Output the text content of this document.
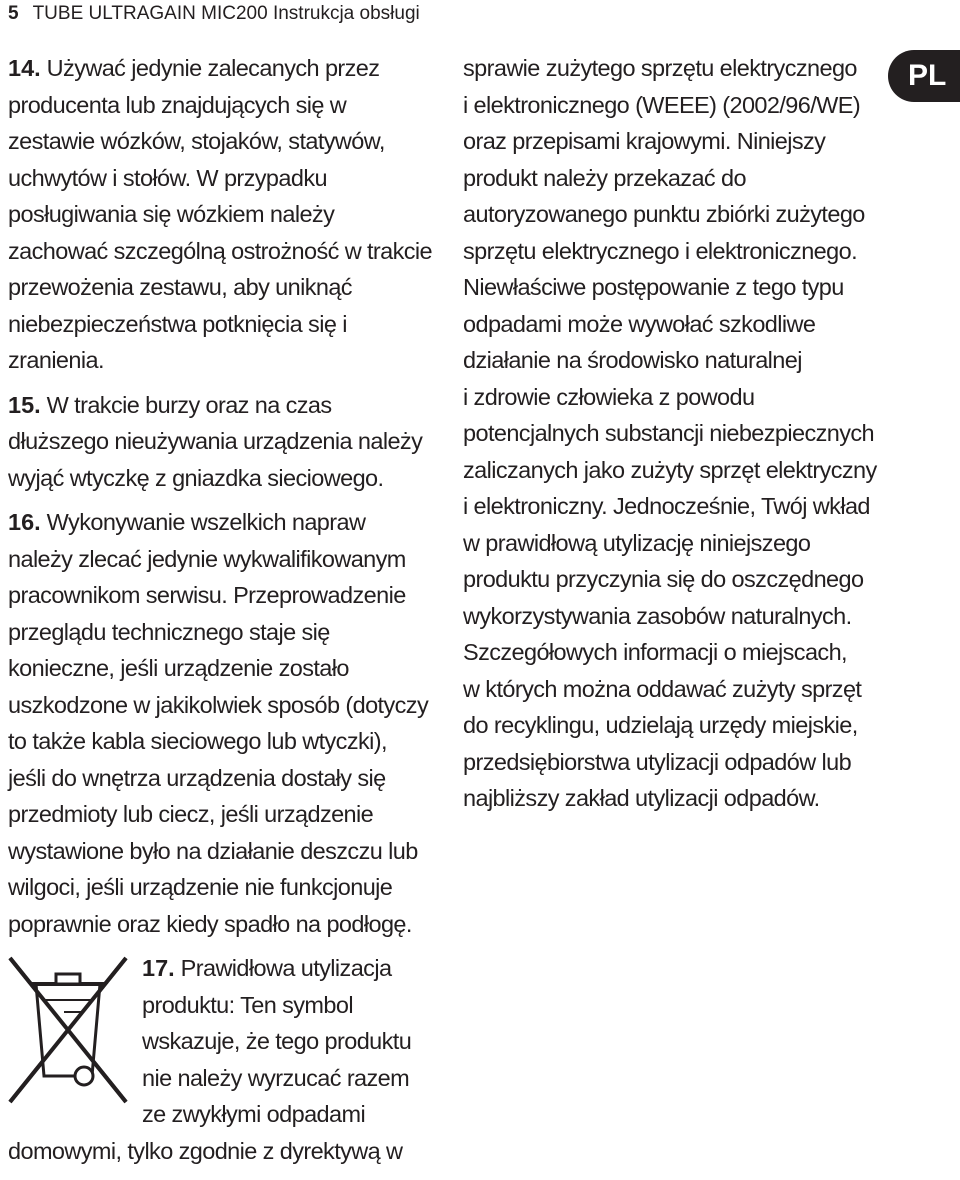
5 TUBE ULTRAGAIN MIC200 Instrukcja obsługi
PL
14. Używać jedynie zalecanych przez
producenta lub znajdujących się w
zestawie wózków, stojaków, statywów,
uchwytów i stołów. W przypadku
posługiwania się wózkiem należy
zachować szczególną ostrożność w trakcie
przewożenia zestawu, aby uniknąć
niebezpieczeństwa potknięcia się i
zranienia.
15. W trakcie burzy oraz na czas
dłuższego nieużywania urządzenia należy
wyjąć wtyczkę z gniazdka sieciowego.
16. Wykonywanie wszelkich napraw
należy zlecać jedynie wykwalifikowanym
pracownikom serwisu. Przeprowadzenie
przeglądu technicznego staje się
konieczne, jeśli urządzenie zostało
uszkodzone w jakikolwiek sposób (dotyczy
to także kabla sieciowego lub wtyczki),
jeśli do wnętrza urządzenia dostały się
przedmioty lub ciecz, jeśli urządzenie
wystawione było na działanie deszczu lub
wilgoci, jeśli urządzenie nie funkcjonuje
poprawnie oraz kiedy spadło na podłogę.
17. Prawidłowa utylizacja
produktu: Ten symbol
wskazuje, że tego produktu
nie należy wyrzucać razem
ze zwykłymi odpadami
domowymi, tylko zgodnie z dyrektywą w
sprawie zużytego sprzętu elektrycznego
i elektronicznego (WEEE) (2002/96/WE)
oraz przepisami krajowymi. Niniejszy
produkt należy przekazać do
autoryzowanego punktu zbiórki zużytego
sprzętu elektrycznego i elektronicznego.
Niewłaściwe postępowanie z tego typu
odpadami może wywołać szkodliwe
działanie na środowisko naturalnej
i zdrowie człowieka z powodu
potencjalnych substancji niebezpiecznych
zaliczanych jako zużyty sprzęt elektryczny
i elektroniczny. Jednocześnie, Twój wkład
w prawidłową utylizację niniejszego
produktu przyczynia się do oszczędnego
wykorzystywania zasobów naturalnych.
Szczegółowych informacji o miejscach,
w których można oddawać zużyty sprzęt
do recyklingu, udzielają urzędy miejskie,
przedsiębiorstwa utylizacji odpadów lub
najbliższy zakład utylizacji odpadów.
